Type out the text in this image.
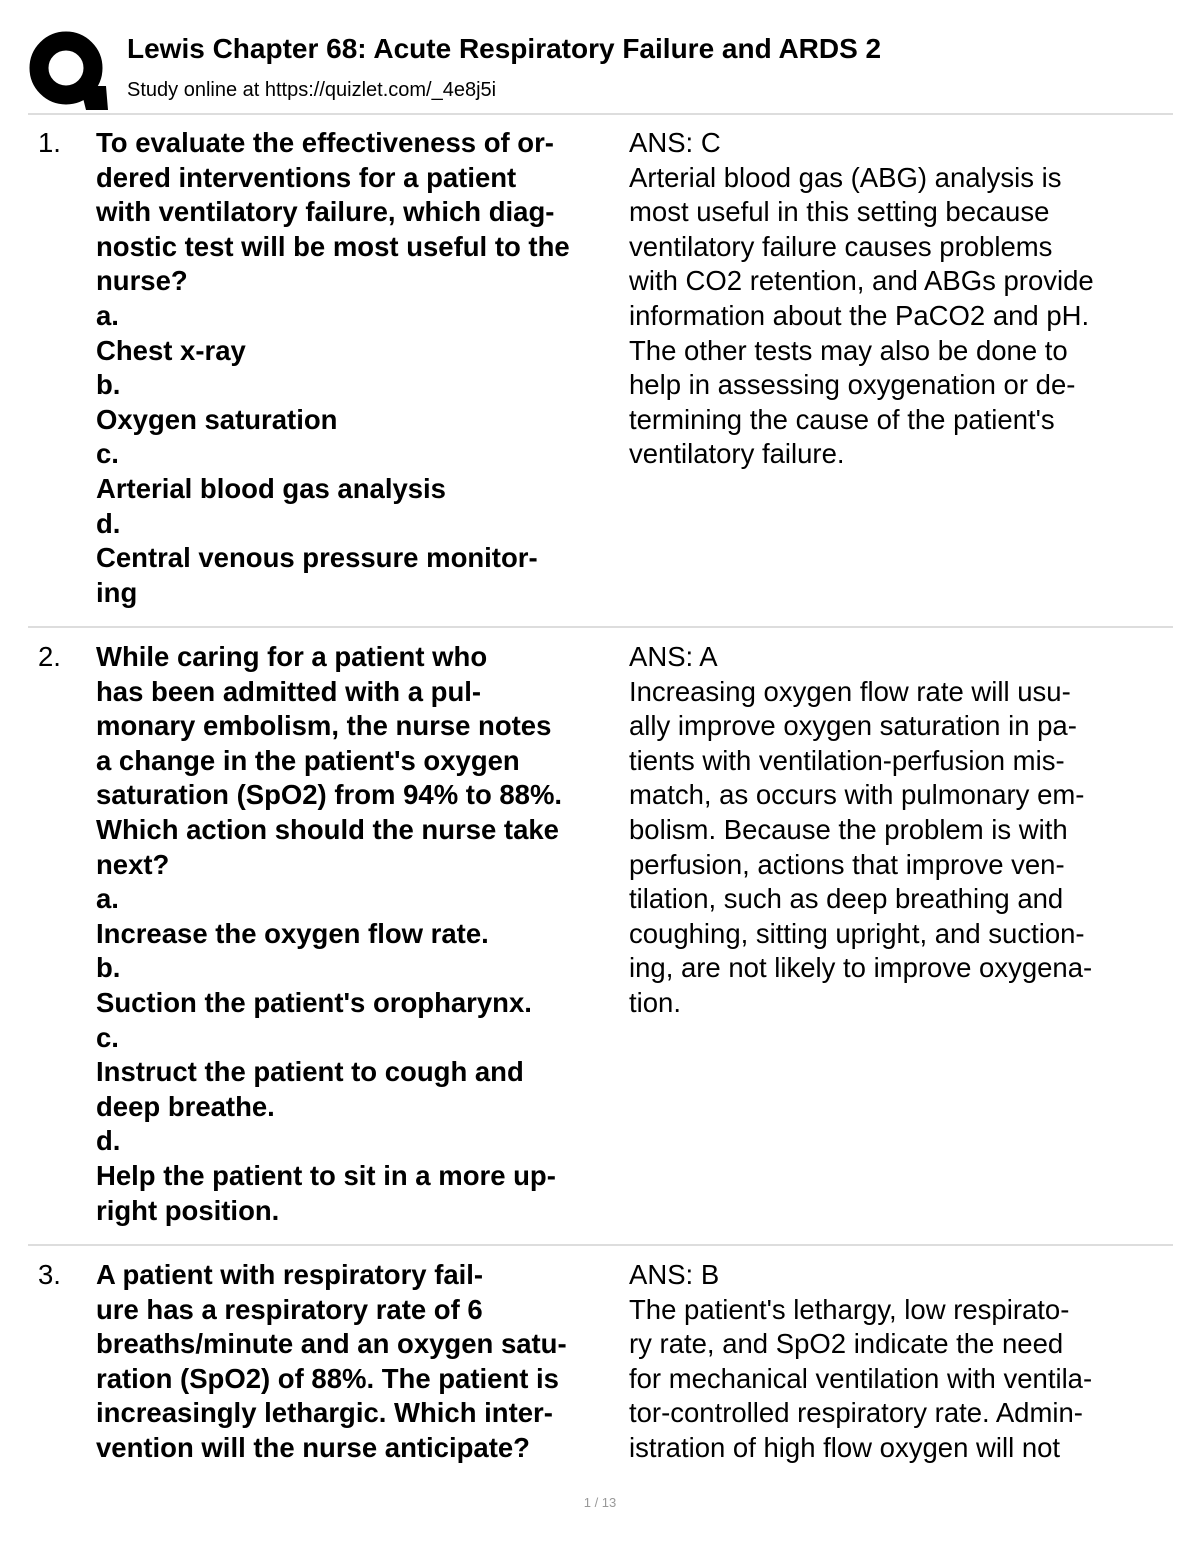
Lewis Chapter 68: Acute Respiratory Failure and ARDS 2
Study online at https://quizlet.com/_4e8j5i
1. To evaluate the effectiveness of or-
dered interventions for a patient
with ventilatory failure, which diag-
nostic test will be most useful to the
nurse?
a.
Chest x-ray
b.
Oxygen saturation
c.
Arterial blood gas analysis
d.
Central venous pressure monitor-
ing
ANS: C
Arterial blood gas (ABG) analysis is
most useful in this setting because
ventilatory failure causes problems
with CO2 retention, and ABGs provide
information about the PaCO2 and pH.
The other tests may also be done to
help in assessing oxygenation or de-
termining the cause of the patient's
ventilatory failure.
2. While caring for a patient who
has been admitted with a pul-
monary embolism, the nurse notes
a change in the patient's oxygen
saturation (SpO2) from 94% to 88%.
Which action should the nurse take
next?
a.
Increase the oxygen flow rate.
b.
Suction the patient's oropharynx.
c.
Instruct the patient to cough and
deep breathe.
d.
Help the patient to sit in a more up-
right position.
ANS: A
Increasing oxygen flow rate will usu-
ally improve oxygen saturation in pa-
tients with ventilation-perfusion mis-
match, as occurs with pulmonary em-
bolism. Because the problem is with
perfusion, actions that improve ven-
tilation, such as deep breathing and
coughing, sitting upright, and suction-
ing, are not likely to improve oxygena-
tion.
3. A patient with respiratory fail-
ure has a respiratory rate of 6
breaths/minute and an oxygen satu-
ration (SpO2) of 88%. The patient is
increasingly lethargic. Which inter-
vention will the nurse anticipate?
ANS: B
The patient's lethargy, low respirato-
ry rate, and SpO2 indicate the need
for mechanical ventilation with ventila-
tor-controlled respiratory rate. Admin-
istration of high flow oxygen will not
1 / 13
